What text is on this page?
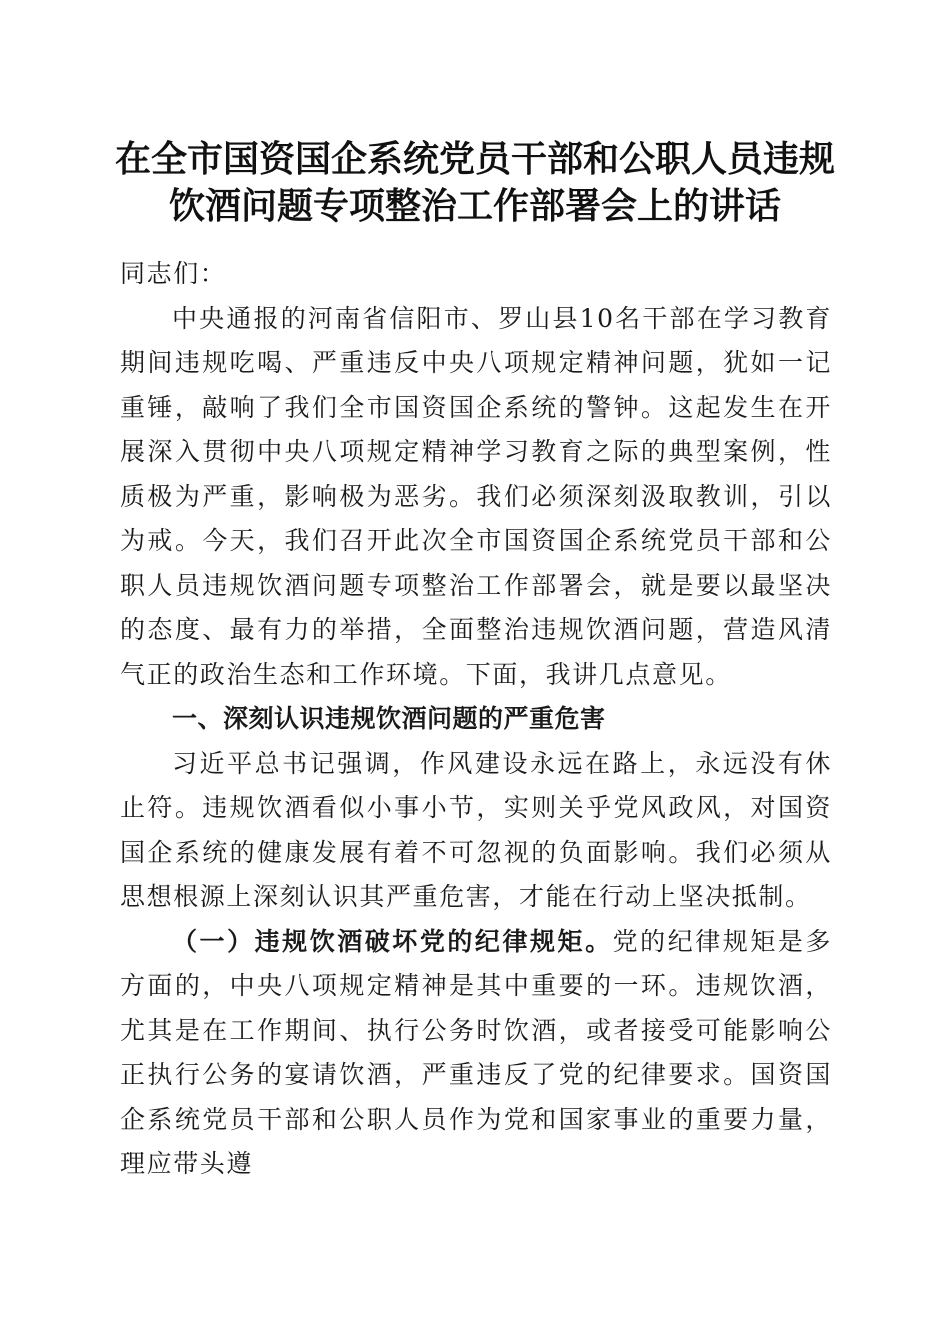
在全市国资国企系统党员干部和公职人员违规
饮酒问题专项整治工作部署会上的讲话

同志们：

中央通报的河南省信阳市、罗山县10名干部在学习教育期间违规吃喝、严重违反中央八项规定精神问题，犹如一记重锤，敲响了我们全市国资国企系统的警钟。这起发生在开展深入贯彻中央八项规定精神学习教育之际的典型案例，性质极为严重，影响极为恶劣。我们必须深刻汲取教训，引以为戒。今天，我们召开此次全市国资国企系统党员干部和公职人员违规饮酒问题专项整治工作部署会，就是要以最坚决的态度、最有力的举措，全面整治违规饮酒问题，营造风清气正的政治生态和工作环境。下面，我讲几点意见。

一、深刻认识违规饮酒问题的严重危害

习近平总书记强调，作风建设永远在路上，永远没有休止符。违规饮酒看似小事小节，实则关乎党风政风，对国资国企系统的健康发展有着不可忽视的负面影响。我们必须从思想根源上深刻认识其严重危害，才能在行动上坚决抵制。

（一）违规饮酒破坏党的纪律规矩。党的纪律规矩是多方面的，中央八项规定精神是其中重要的一环。违规饮酒，尤其是在工作期间、执行公务时饮酒，或者接受可能影响公正执行公务的宴请饮酒，严重违反了党的纪律要求。国资国企系统党员干部和公职人员作为党和国家事业的重要力量，理应带头遵
